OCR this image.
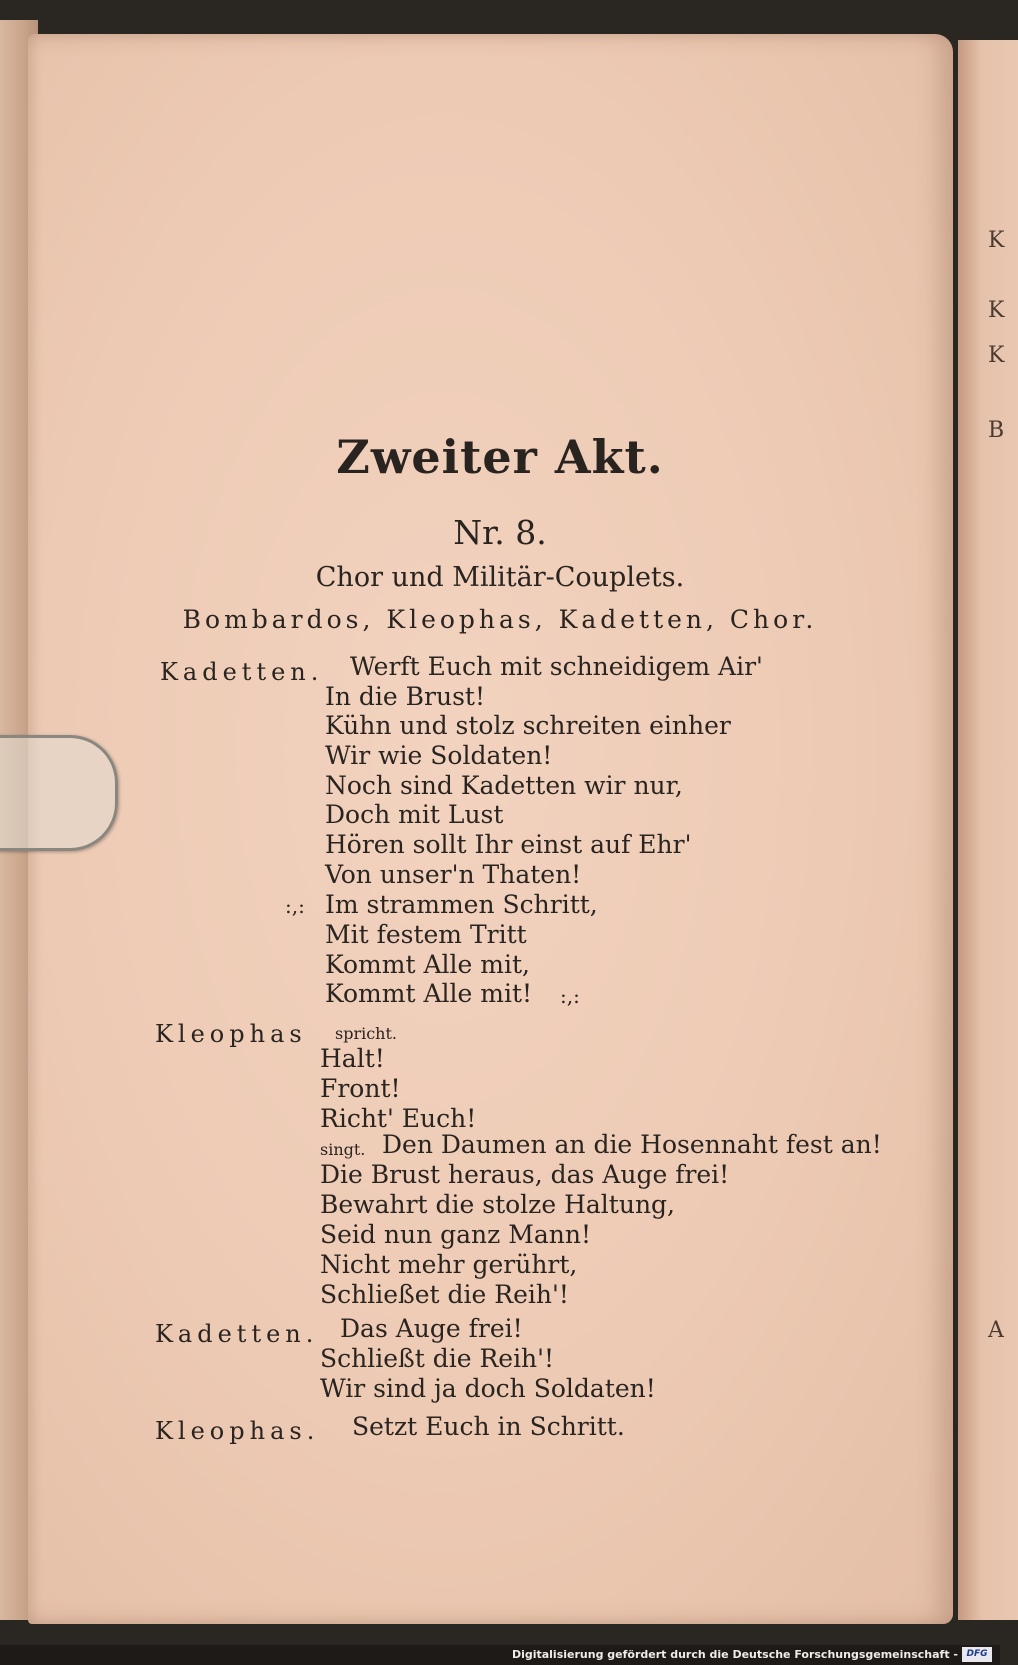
K
K
K
B
A
Zweiter Akt.
Nr. 8.
Chor und Militär-Couplets.
Bombardos, Kleophas, Kadetten, Chor.
Kadetten. Werft Euch mit schneidigem Air'
In die Brust!
Kühn und stolz schreiten einher
Wir wie Soldaten!
Noch sind Kadetten wir nur,
Doch mit Lust
Hören sollt Ihr einst auf Ehr'
Von unser'n Thaten!
:,: Im strammen Schritt,
Mit festem Tritt
Kommt Alle mit,
Kommt Alle mit! :,:
Kleophas spricht.
Halt!
Front!
Richt' Euch!
singt. Den Daumen an die Hosennaht fest an!
Die Brust heraus, das Auge frei!
Bewahrt die stolze Haltung,
Seid nun ganz Mann!
Nicht mehr gerührt,
Schließet die Reih'!
Kadetten. Das Auge frei!
Schließt die Reih'!
Wir sind ja doch Soldaten!
Kleophas. Setzt Euch in Schritt.
Digitalisierung gefördert durch die Deutsche Forschungsgemeinschaft - DFG
